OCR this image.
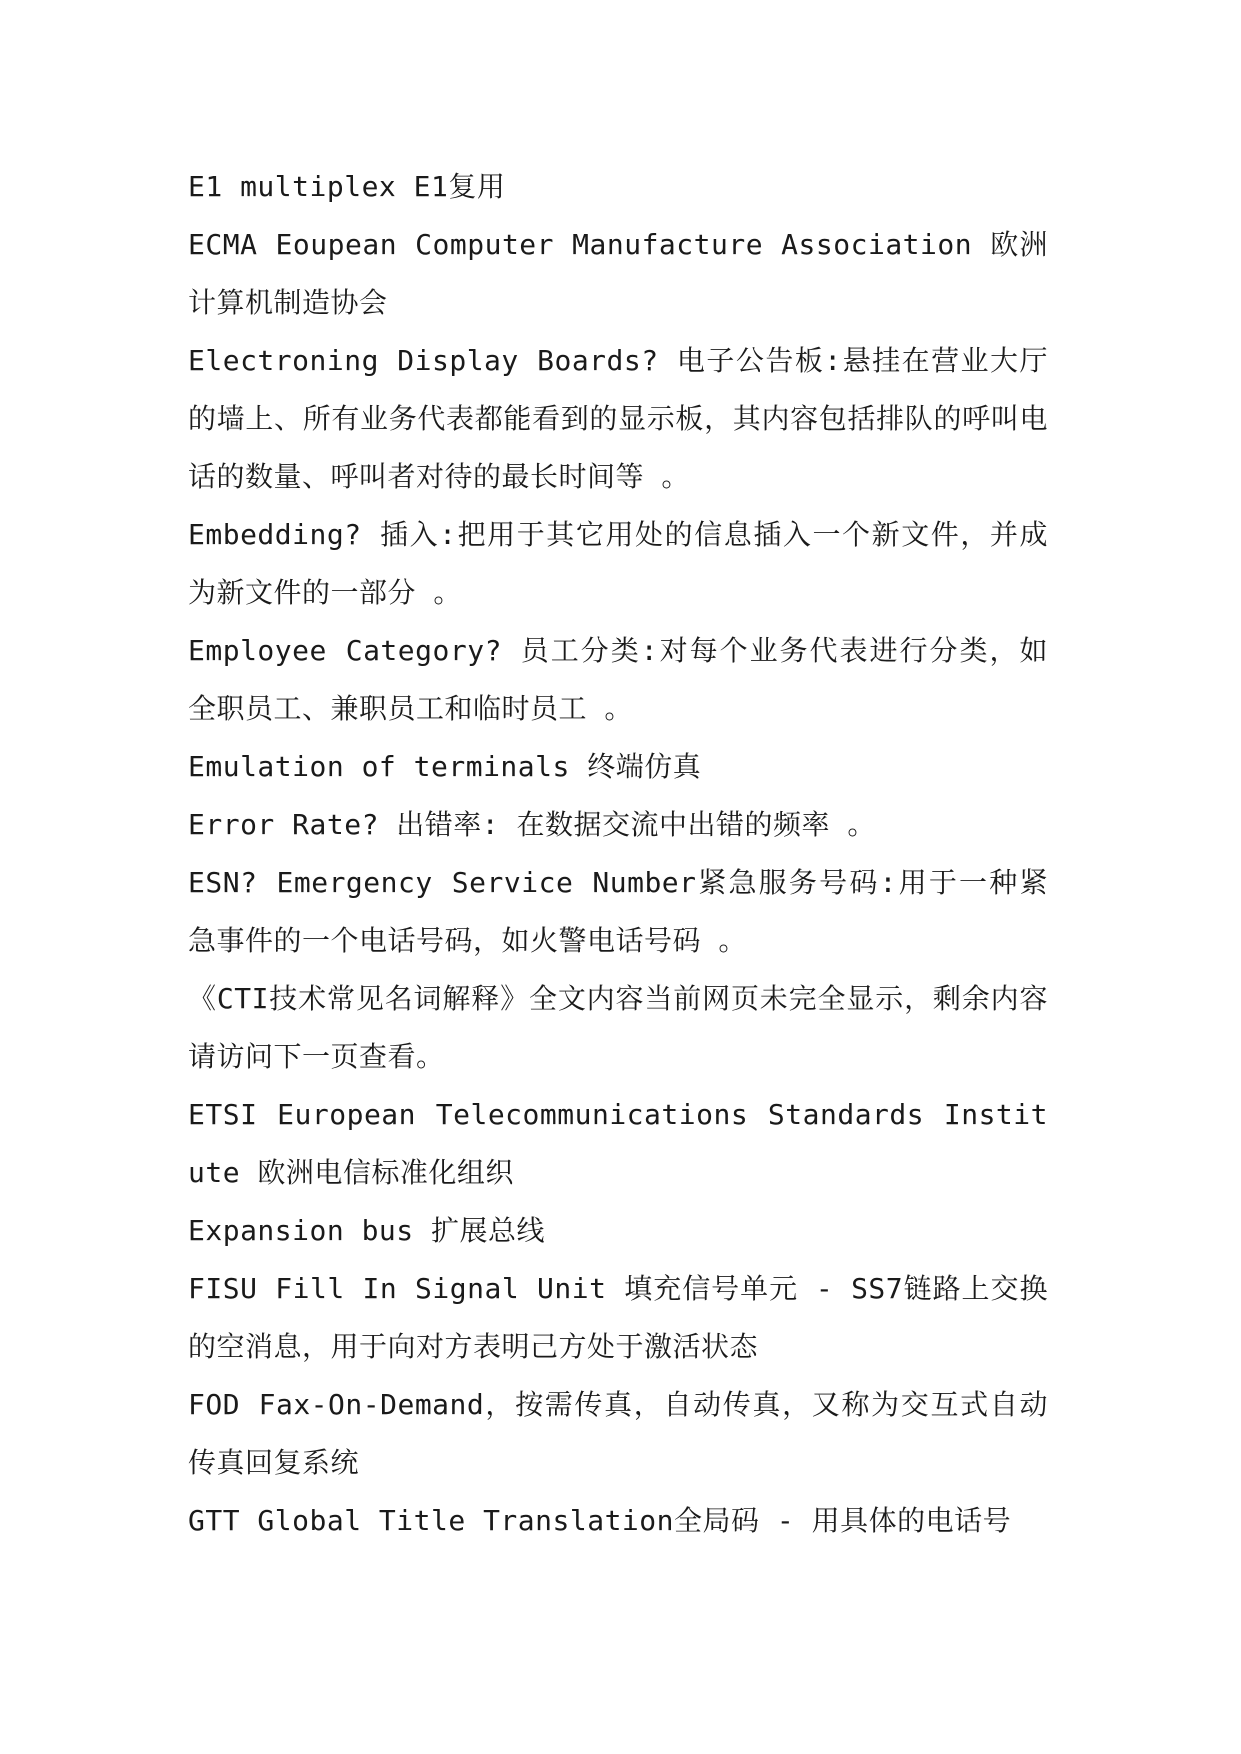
E1 multiplex E1复用

ECMA Eoupean Computer Manufacture Association 欧洲计算机制造协会

Electroning Display Boards? 电子公告板:悬挂在营业大厅的墙上、所有业务代表都能看到的显示板，其内容包括排队的呼叫电话的数量、呼叫者对待的最长时间等 。

Embedding? 插入:把用于其它用处的信息插入一个新文件，并成为新文件的一部分 。

Employee Category? 员工分类:对每个业务代表进行分类，如全职员工、兼职员工和临时员工 。

Emulation of terminals 终端仿真

Error Rate? 出错率: 在数据交流中出错的频率 。

ESN? Emergency Service Number紧急服务号码:用于一种紧急事件的一个电话号码，如火警电话号码 。

《CTI技术常见名词解释》全文内容当前网页未完全显示，剩余内容请访问下一页查看。

ETSI European Telecommunications Standards Institute 欧洲电信标准化组织

Expansion bus 扩展总线

FISU Fill In Signal Unit 填充信号单元 - SS7链路上交换的空消息，用于向对方表明己方处于激活状态

FOD Fax-On-Demand，按需传真，自动传真，又称为交互式自动传真回复系统

GTT Global Title Translation全局码 - 用具体的电话号
